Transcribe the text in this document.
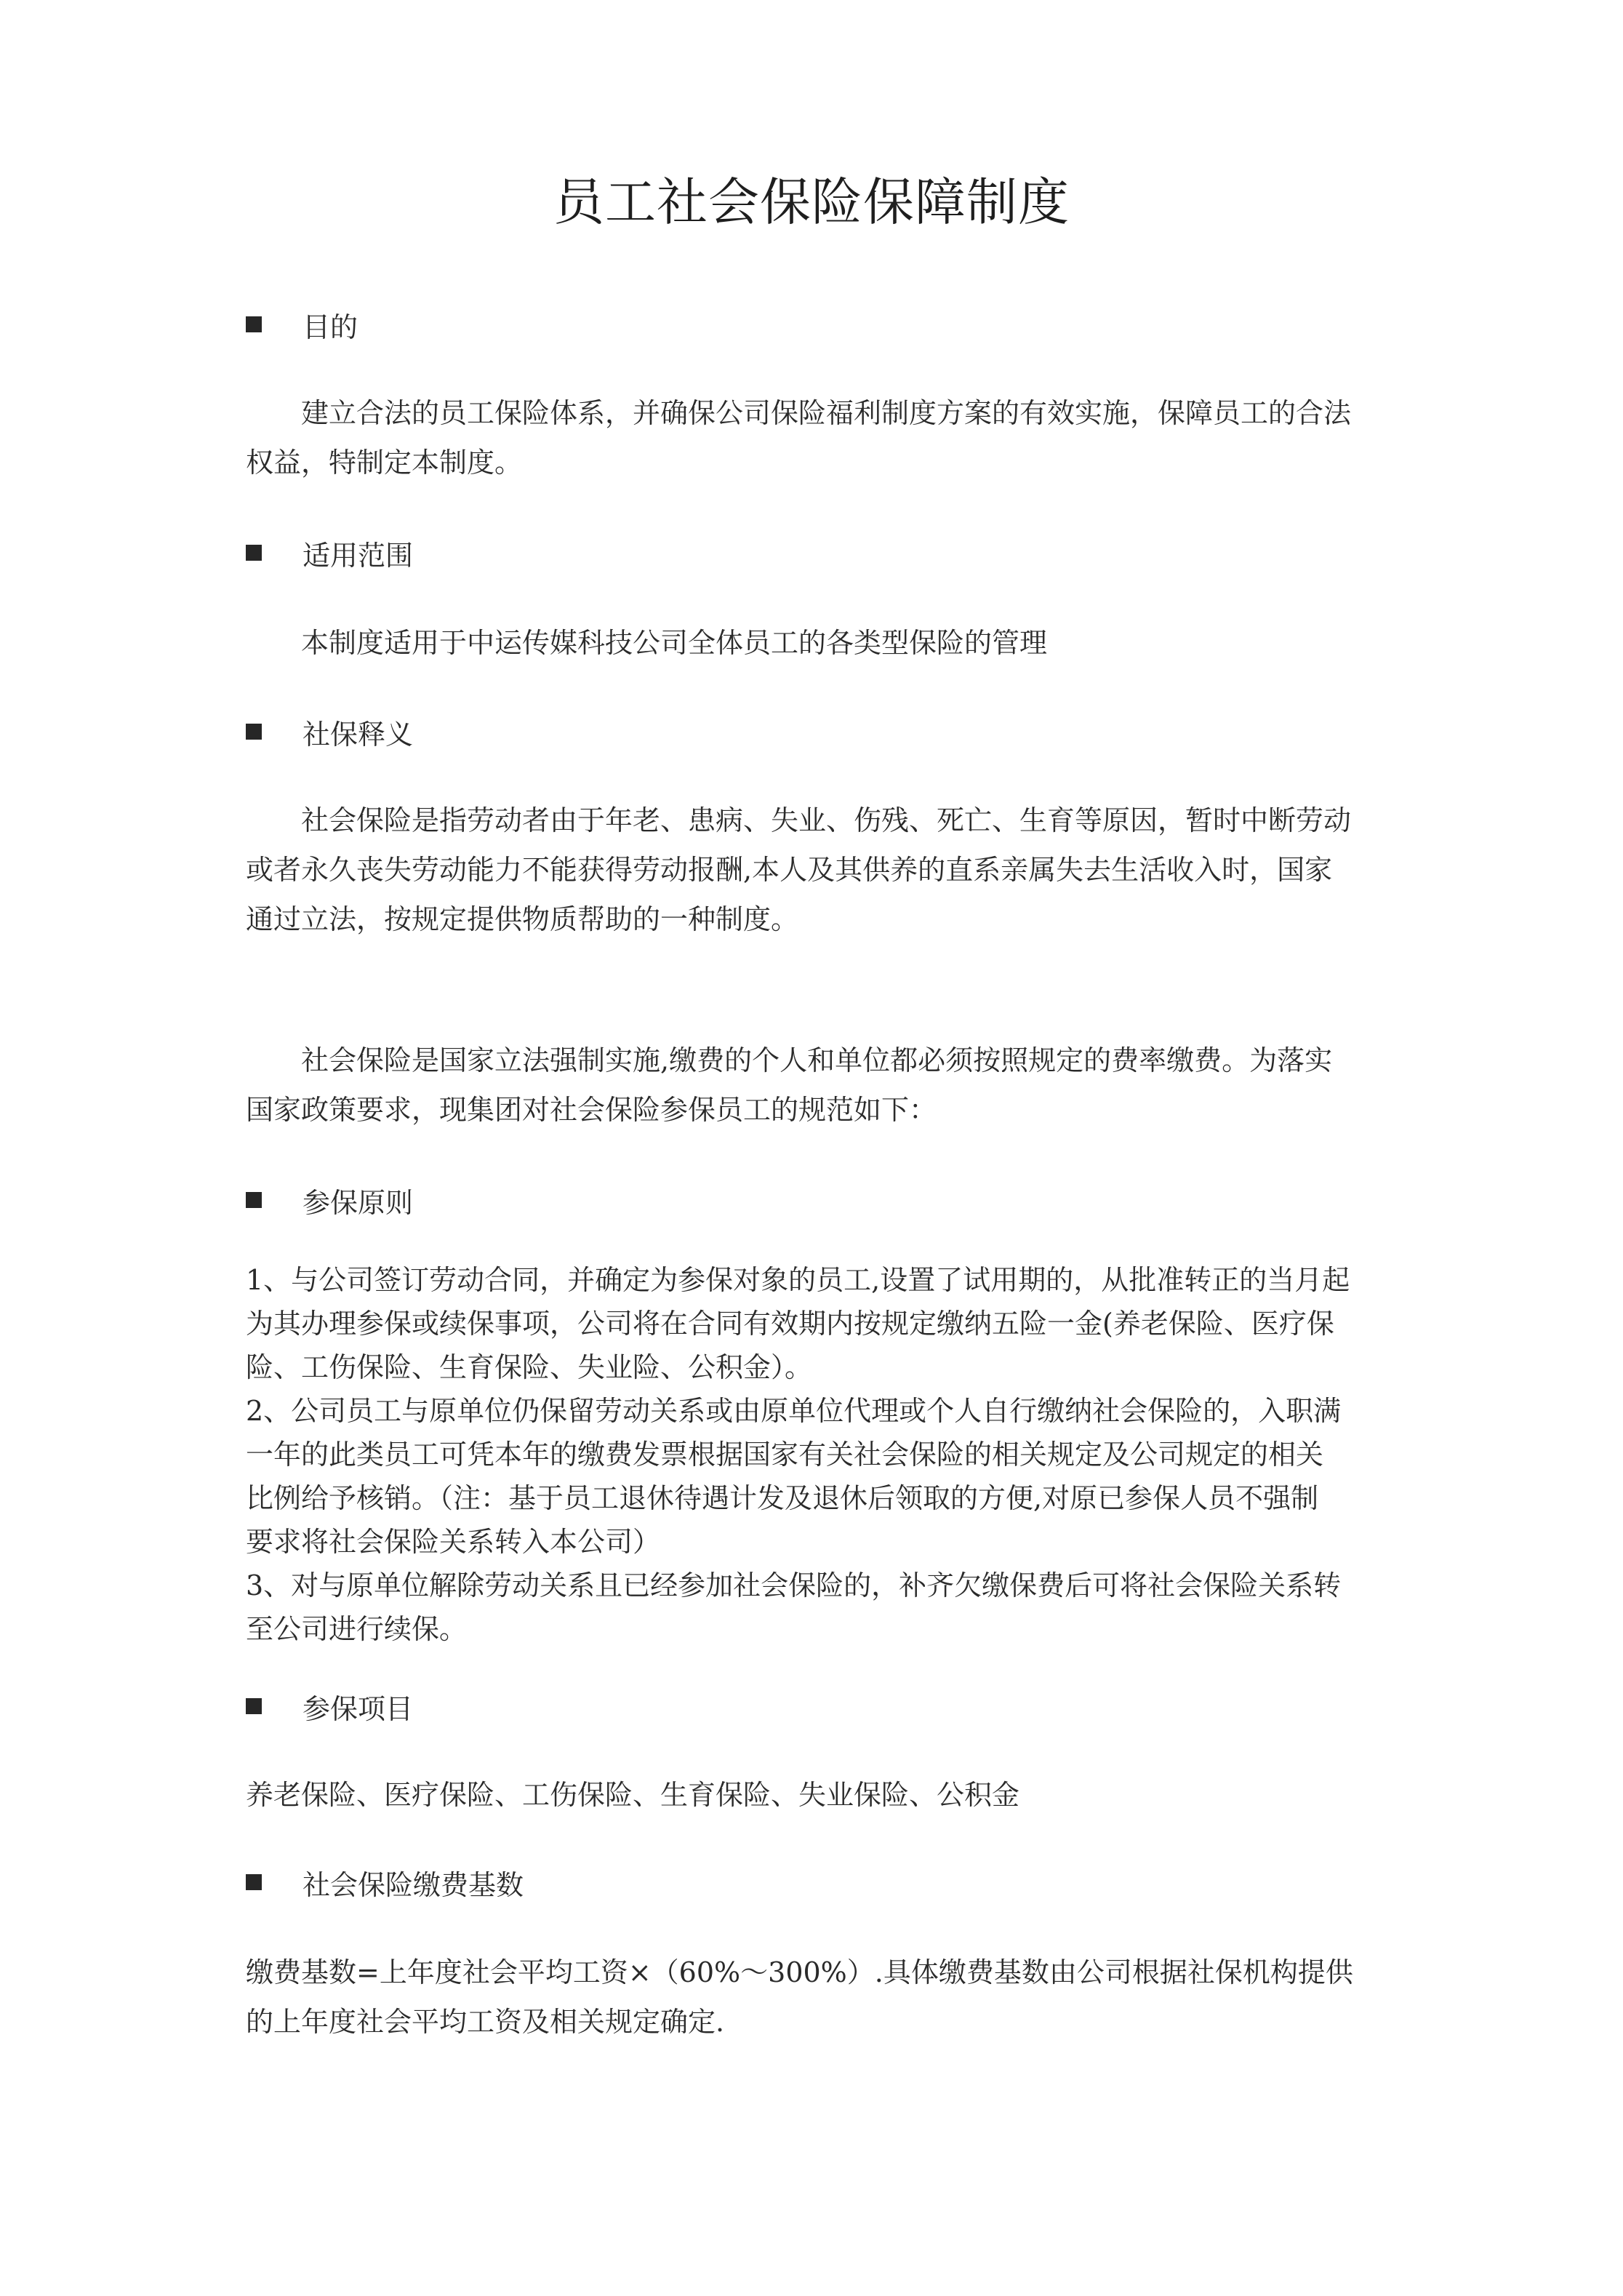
员工社会保险保障制度
目的
建立合法的员工保险体系，并确保公司保险福利制度方案的有效实施，保障员工的合法
权益，特制定本制度。
适用范围
本制度适用于中运传媒科技公司全体员工的各类型保险的管理
社保释义
社会保险是指劳动者由于年老、患病、失业、伤残、死亡、生育等原因，暂时中断劳动
或者永久丧失劳动能力不能获得劳动报酬,本人及其供养的直系亲属失去生活收入时，国家
通过立法，按规定提供物质帮助的一种制度。
社会保险是国家立法强制实施,缴费的个人和单位都必须按照规定的费率缴费。为落实
国家政策要求，现集团对社会保险参保员工的规范如下：
参保原则
1、与公司签订劳动合同，并确定为参保对象的员工,设置了试用期的，从批准转正的当月起
为其办理参保或续保事项，公司将在合同有效期内按规定缴纳五险一金(养老保险、医疗保
险、工伤保险、生育保险、失业险、公积金）。
2、公司员工与原单位仍保留劳动关系或由原单位代理或个人自行缴纳社会保险的，入职满
一年的此类员工可凭本年的缴费发票根据国家有关社会保险的相关规定及公司规定的相关
比例给予核销。（注：基于员工退休待遇计发及退休后领取的方便,对原已参保人员不强制
要求将社会保险关系转入本公司）
3、对与原单位解除劳动关系且已经参加社会保险的，补齐欠缴保费后可将社会保险关系转
至公司进行续保。
参保项目
养老保险、医疗保险、工伤保险、生育保险、失业保险、公积金
社会保险缴费基数
缴费基数=上年度社会平均工资×（60%～300%）.具体缴费基数由公司根据社保机构提供
的上年度社会平均工资及相关规定确定.
